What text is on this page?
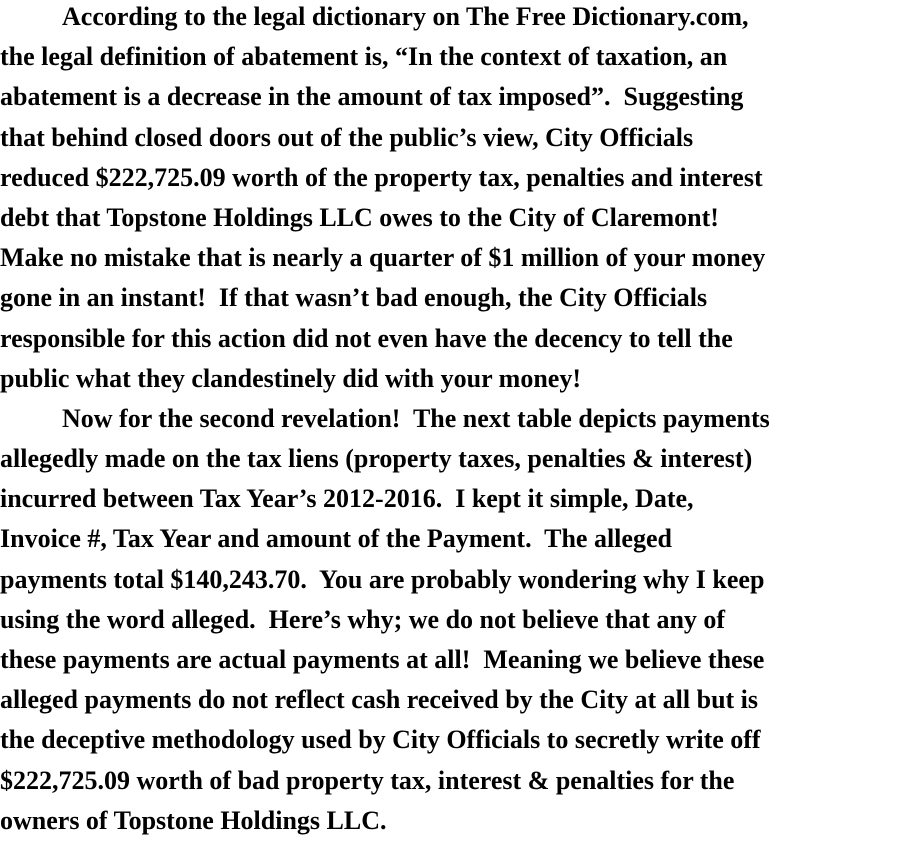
According to the legal dictionary on The Free Dictionary.com,
the legal definition of abatement is, “In the context of taxation, an
abatement is a decrease in the amount of tax imposed”.  Suggesting
that behind closed doors out of the public’s view, City Officials
reduced $222,725.09 worth of the property tax, penalties and interest
debt that Topstone Holdings LLC owes to the City of Claremont!
Make no mistake that is nearly a quarter of $1 million of your money
gone in an instant!  If that wasn’t bad enough, the City Officials
responsible for this action did not even have the decency to tell the
public what they clandestinely did with your money!
Now for the second revelation!  The next table depicts payments
allegedly made on the tax liens (property taxes, penalties & interest)
incurred between Tax Year’s 2012-2016.  I kept it simple, Date,
Invoice #, Tax Year and amount of the Payment.  The alleged
payments total $140,243.70.  You are probably wondering why I keep
using the word alleged.  Here’s why; we do not believe that any of
these payments are actual payments at all!  Meaning we believe these
alleged payments do not reflect cash received by the City at all but is
the deceptive methodology used by City Officials to secretly write off
$222,725.09 worth of bad property tax, interest & penalties for the
owners of Topstone Holdings LLC.
